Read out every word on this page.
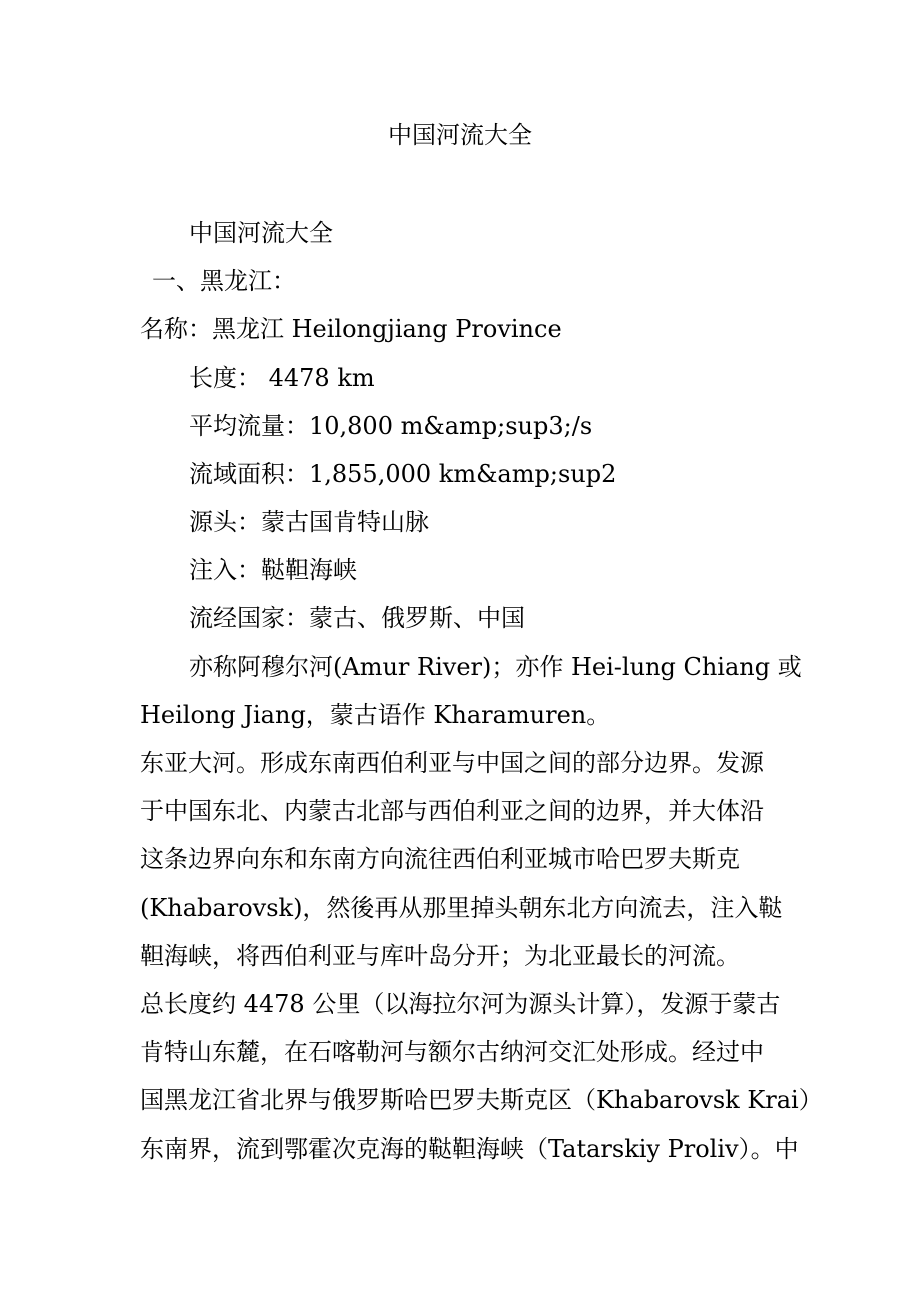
中国河流大全
中国河流大全
一、黑龙江：
名称：黑龙江 Heilongjiang Province
长度： 4478 km
平均流量：10,800 m&amp;sup3;/s
流域面积：1,855,000 km&amp;sup2
源头：蒙古国肯特山脉
注入：鞑靼海峡
流经国家：蒙古、俄罗斯、中国
亦称阿穆尔河(Amur River)；亦作 Hei-lung Chiang 或
Heilong Jiang，蒙古语作 Kharamuren。
东亚大河。形成东南西伯利亚与中国之间的部分边界。发源
于中国东北、内蒙古北部与西伯利亚之间的边界，并大体沿
这条边界向东和东南方向流往西伯利亚城市哈巴罗夫斯克
(Khabarovsk)，然後再从那里掉头朝东北方向流去，注入鞑
靼海峡，将西伯利亚与库叶岛分开；为北亚最长的河流。
总长度约 4478 公里（以海拉尔河为源头计算），发源于蒙古
肯特山东麓，在石喀勒河与额尔古纳河交汇处形成。经过中
国黑龙江省北界与俄罗斯哈巴罗夫斯克区（Khabarovsk Krai）
东南界，流到鄂霍次克海的鞑靼海峡（Tatarskiy Proliv）。中
